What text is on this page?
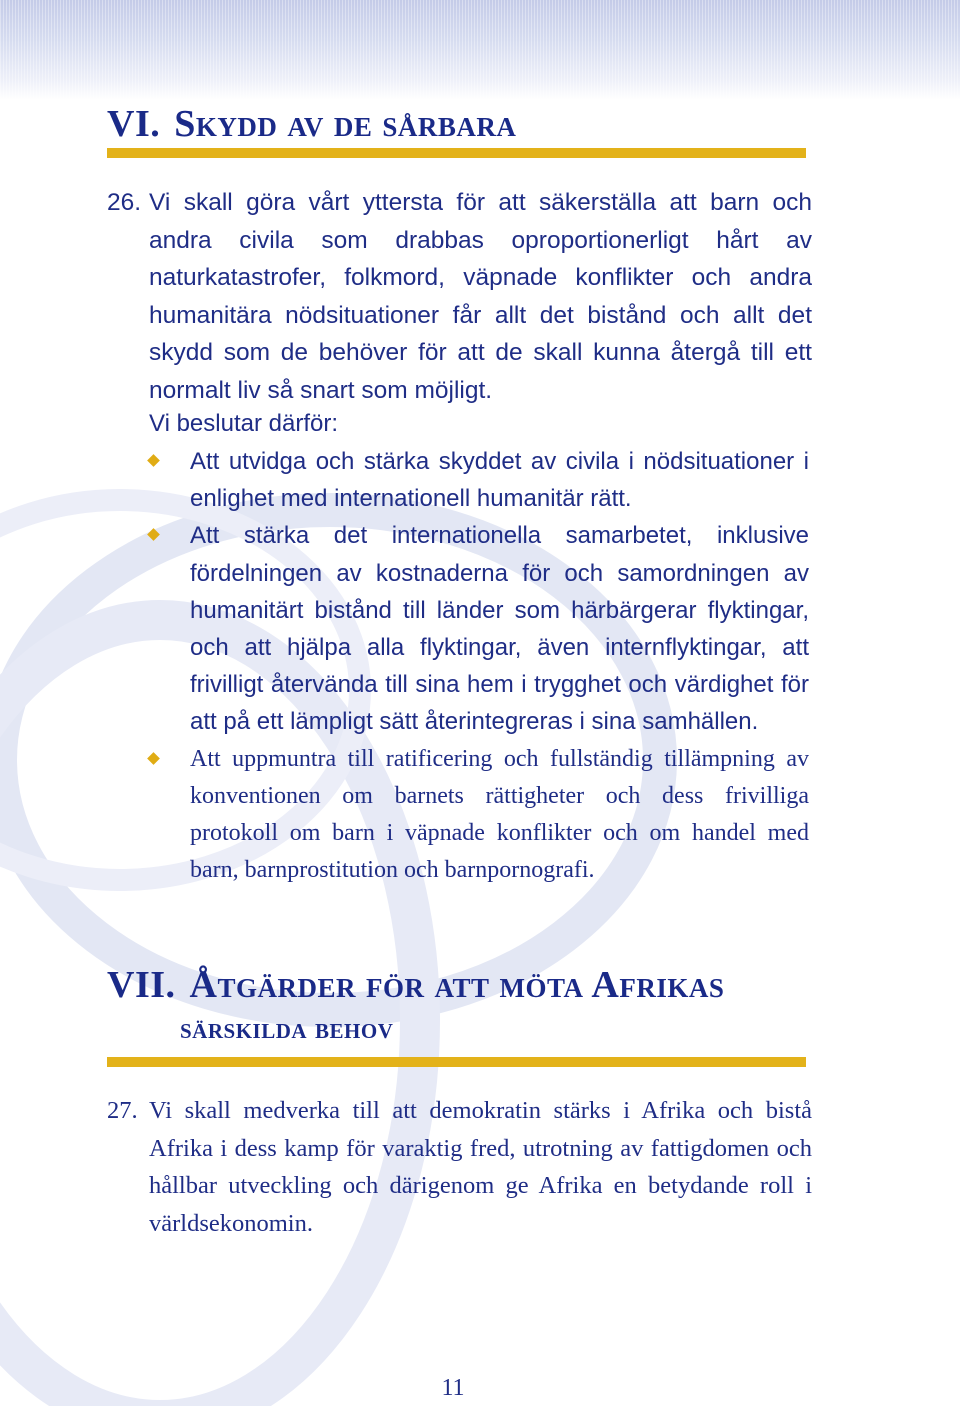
VI. Skydd av de sårbara
26. Vi skall göra vårt yttersta för att säkerställa att barn och andra civila som drabbas oproportionerligt hårt av naturkatastrofer, folkmord, väpnade konflikter och andra humanitära nödsituationer får allt det bistånd och allt det skydd som de behöver för att de skall kunna återgå till ett normalt liv så snart som möjligt.

Vi beslutar därför:

Att utvidga och stärka skyddet av civila i nödsituationer i enlighet med internationell humanitär rätt.
Att stärka det internationella samarbetet, inklusive fördelningen av kostnaderna för och samordningen av humanitärt bistånd till länder som härbärgerar flyktingar, och att hjälpa alla flyktingar, även internflyktingar, att frivilligt återvända till sina hem i trygghet och värdighet för att på ett lämpligt sätt återintegreras i sina samhällen.
Att uppmuntra till ratificering och fullständig tillämpning av konventionen om barnets rättigheter och dess frivilliga protokoll om barn i väpnade konflikter och om handel med barn, barnprostitution och barnpornografi.
VII. Åtgärder för att möta Afrikas
särskilda behov
27. Vi skall medverka till att demokratin stärks i Afrika och bistå Afrika i dess kamp för varaktig fred, utrotning av fattigdomen och hållbar utveckling och därigenom ge Afrika en betydande roll i världsekonomin.
11
